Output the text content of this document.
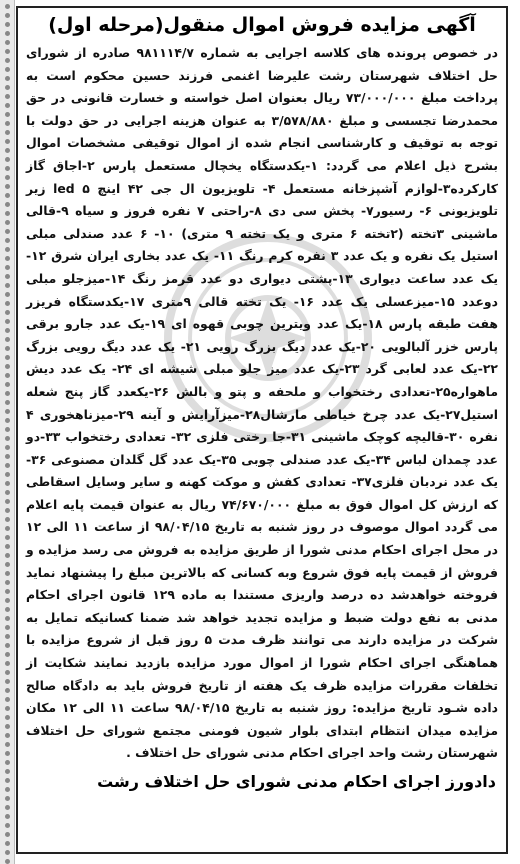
آگهی مزایده فروش اموال منقول(مرحله اول)

در خصوص پرونده های کلاسه اجرایی به شماره ۹۸۱۱۱۴/۷ صادره از شورای حل اختلاف شهرستان رشت علیرضا اغنمی فرزند حسین محکوم است به پرداخت مبلغ ۷۳/۰۰۰/۰۰۰ ریال بعنوان اصل خواسته و خسارت قانونی در حق محمدرضا تجسسی و مبلغ ۳/۵۷۸/۸۸۰ به عنوان هزینه اجرایی در حق دولت با توجه به توقیف و کارشناسی انجام شده از اموال توقیفی مشخصات اموال بشرح ذیل اعلام می گردد: ۱-یکدستگاه یخچال مستعمل پارس ۲-اجاق گاز کارکرده۳-لوازم آشپزخانه مستعمل ۴- تلویزیون ال جی ۴۲ اینچ led ۵ زیر تلویزیونی ۶- رسیور۷- پخش سی دی ۸-راحتی ۷ نفره فروز و سیاه ۹-قالی ماشینی ۳تخته (۲تخته ۶ متری و یک تخته ۹ متری) ۱۰- ۶ عدد صندلی مبلی استیل یک نفره و یک عدد ۳ نفره کرم رنگ ۱۱- یک عدد بخاری ایران شرق ۱۲-یک عدد ساعت دیواری ۱۳-پشتی دیواری دو عدد قرمز رنگ ۱۴-میزجلو مبلی دوعدد ۱۵-میزعسلی یک عدد ۱۶- یک تخته قالی ۹متری ۱۷-یکدستگاه فریزر هفت طبقه پارس ۱۸-یک عدد ویترین چوبی قهوه ای ۱۹-یک عدد جارو برقی پارس خزر آلبالویی ۲۰-یک عدد دیگ بزرگ رویی ۲۱- یک عدد دیگ رویی بزرگ ۲۲-یک عدد لعابی گرد ۲۳-یک عدد میز جلو مبلی شیشه ای ۲۴- یک عدد دیش ماهواره۲۵-تعدادی رختخواب و ملحفه و پتو و بالش ۲۶-یکعدد گاز پنج شعله استیل۲۷-یک عدد چرخ خیاطی مارشال۲۸-میزآرایش و آینه ۲۹-میزناهخوری ۴ نفره ۳۰-قالیچه کوچک ماشینی ۳۱-جا رختی فلزی ۳۲- تعدادی رختخواب ۳۳-دو عدد چمدان لباس ۳۴-یک عدد صندلی چوبی ۳۵-یک عدد گل گلدان مصنوعی ۳۶-یک عدد نردبان فلزی۳۷- تعدادی کفش و موکت کهنه و سایر وسایل اسقاطی که ارزش کل اموال فوق به مبلغ ۷۴/۶۷۰/۰۰۰ ریال به عنوان قیمت پایه اعلام می گردد اموال موصوف در روز شنبه به تاریخ ۹۸/۰۴/۱۵ از ساعت ۱۱ الی ۱۲ در محل اجرای احکام مدنی شورا از طریق مزایده به فروش می رسد مزایده و فروش از قیمت پایه فوق شروع وبه کسانی که بالاترین مبلغ را پیشنهاد نماید فروخته خواهدشد ده درصد واریزی مستندا به ماده ۱۲۹ قانون اجرای احکام مدنی به نفع دولت ضبط و مزایده تجدید خواهد شد ضمنا کسانیکه تمایل به شرکت در مزایده دارند می توانند ظرف مدت ۵ روز قبل از شروع مزایده با هماهنگی اجرای احکام شورا از اموال مورد مزایده بازدید نمایند شکایت از تخلفات مقررات مزایده ظرف یک هفته از تاریخ فروش باید به دادگاه صالح داده شـود تاریخ مزایده: روز شنبه به تاریخ ۹۸/۰۴/۱۵ ساعت ۱۱ الی ۱۲ مکان مزایده میدان انتظام ابتدای بلوار شیون فومنی مجتمع شورای حل اختلاف شهرستان رشت واحد اجرای احکام مدنی شورای حل اختلاف .

دادورز اجرای احکام مدنی شورای حل اختلاف رشت
